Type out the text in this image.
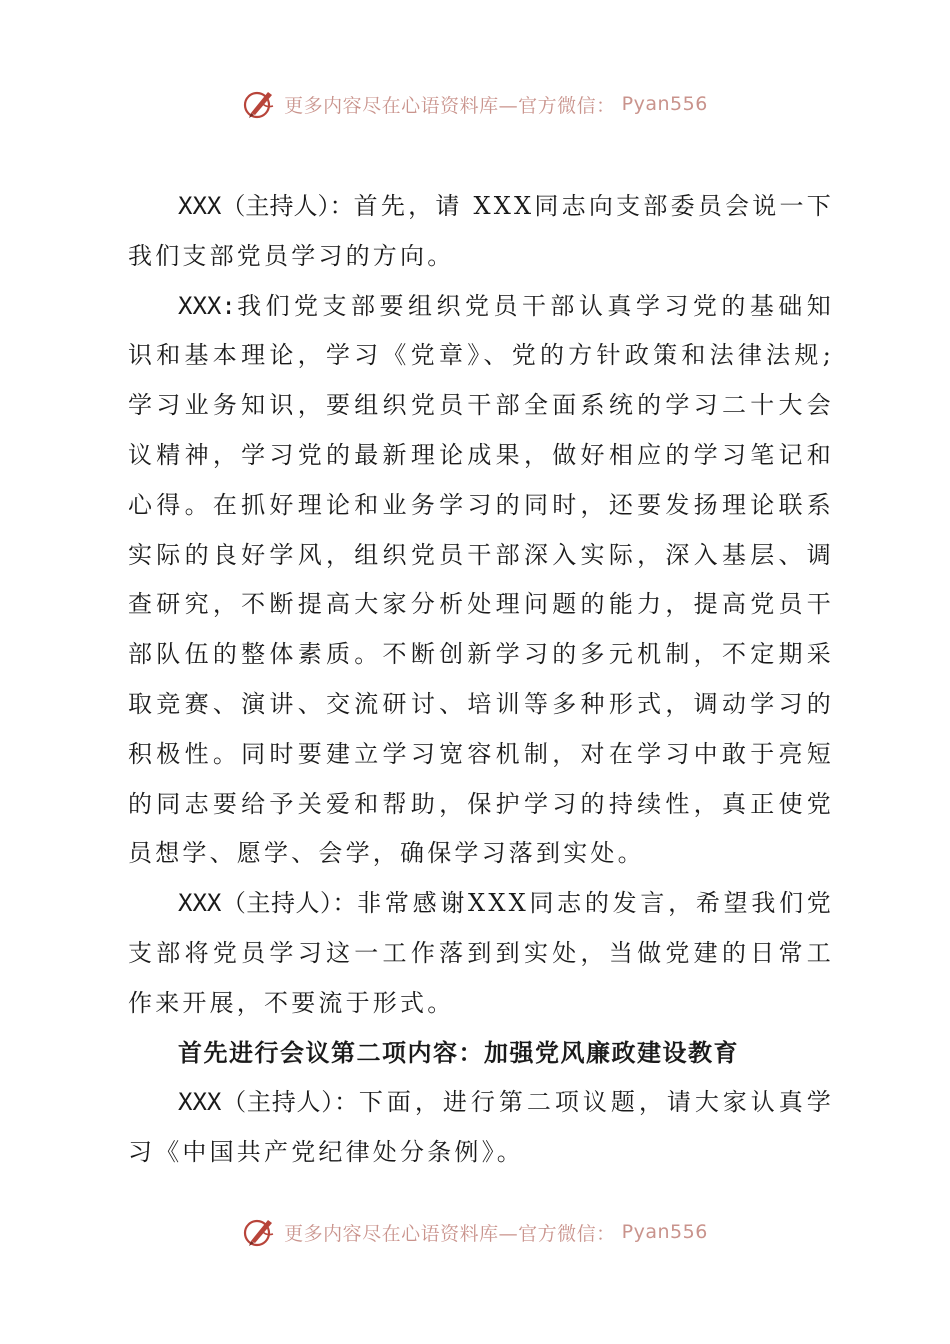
更多内容尽在心语资料库—官方微信： Pyan556

XXX（主持人）：首先，请 XXX同志向支部委员会说一下我们支部党员学习的方向。

XXX:我们党支部要组织党员干部认真学习党的基础知识和基本理论，学习《党章》、党的方针政策和法律法规;学习业务知识，要组织党员干部全面系统的学习二十大会议精神，学习党的最新理论成果，做好相应的学习笔记和心得。在抓好理论和业务学习的同时，还要发扬理论联系实际的良好学风，组织党员干部深入实际，深入基层、调查研究，不断提高大家分析处理问题的能力，提高党员干部队伍的整体素质。不断创新学习的多元机制，不定期采取竞赛、演讲、交流研讨、培训等多种形式，调动学习的积极性。同时要建立学习宽容机制，对在学习中敢于亮短的同志要给予关爱和帮助，保护学习的持续性，真正使党员想学、愿学、会学，确保学习落到实处。

XXX（主持人）：非常感谢XXX同志的发言，希望我们党支部将党员学习这一工作落到到实处，当做党建的日常工作来开展，不要流于形式。

首先进行会议第二项内容：加强党风廉政建设教育

XXX（主持人）：下面，进行第二项议题，请大家认真学习《中国共产党纪律处分条例》。

更多内容尽在心语资料库—官方微信： Pyan556
